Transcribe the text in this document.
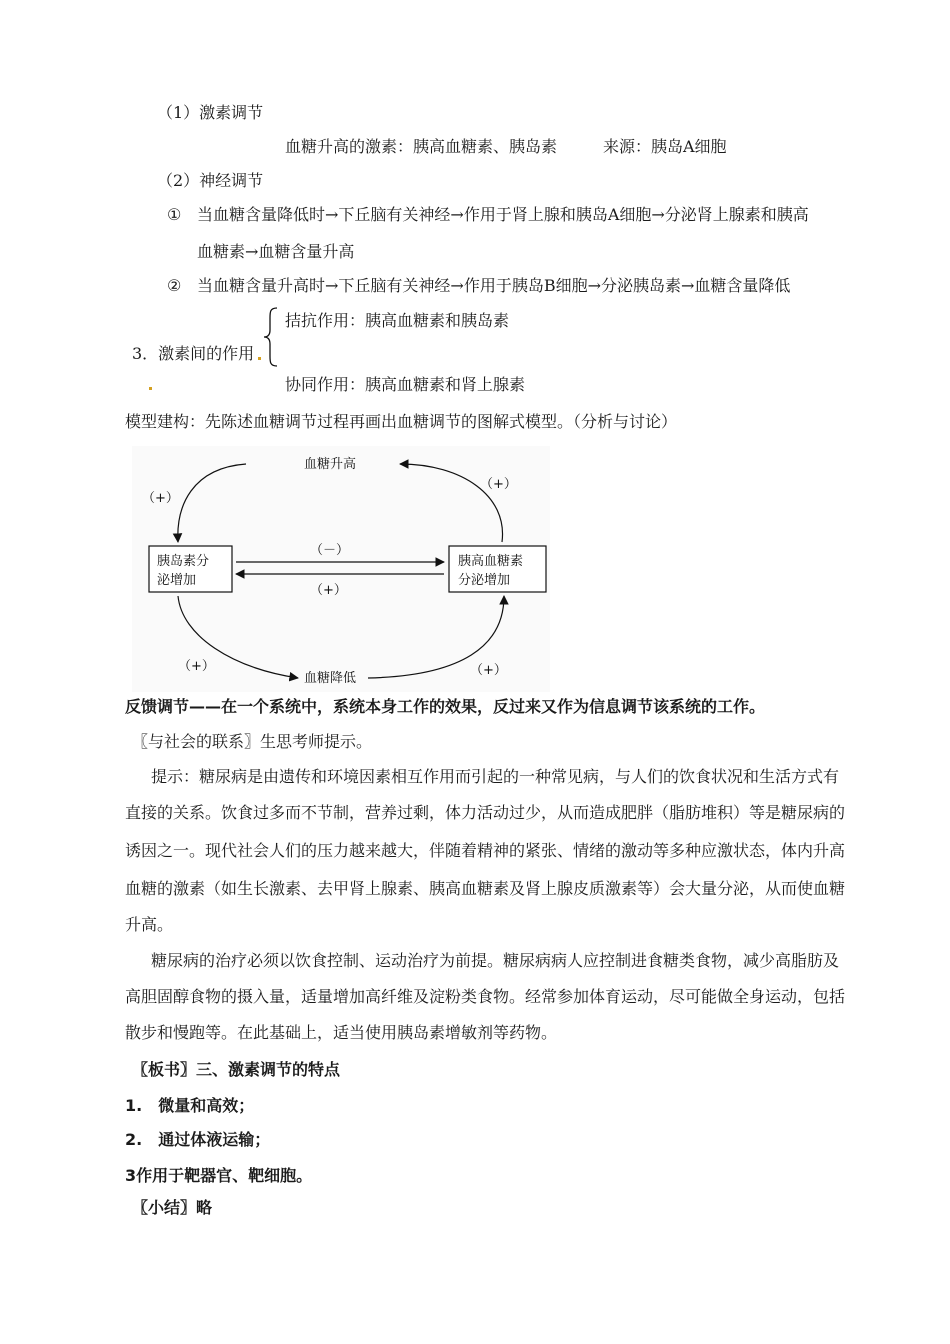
（1）激素调节
血糖升高的激素：胰高血糖素、胰岛素	来源：胰岛A细胞
（2）神经调节
① 当血糖含量降低时→下丘脑有关神经→作用于肾上腺和胰岛A细胞→分泌肾上腺素和胰高
血糖素→血糖含量升高
② 当血糖含量升高时→下丘脑有关神经→作用于胰岛B细胞→分泌胰岛素→血糖含量降低
拮抗作用：胰高血糖素和胰岛素
3．激素间的作用
协同作用：胰高血糖素和肾上腺素
模型建构：先陈述血糖调节过程再画出血糖调节的图解式模型。（分析与讨论）
血糖升高
血糖降低
胰岛素分
泌增加
胰高血糖素
分泌增加
（－）
（+）
（+）
（+）
（+）	（+）
反馈调节——在一个系统中，系统本身工作的效果，反过来又作为信息调节该系统的工作。
〖与社会的联系〗生思考师提示。
提示：糖尿病是由遗传和环境因素相互作用而引起的一种常见病，与人们的饮食状况和生活方式有
直接的关系。饮食过多而不节制，营养过剩，体力活动过少，从而造成肥胖（脂肪堆积）等是糖尿病的
诱因之一。现代社会人们的压力越来越大，伴随着精神的紧张、情绪的激动等多种应激状态，体内升高
血糖的激素（如生长激素、去甲肾上腺素、胰高血糖素及肾上腺皮质激素等）会大量分泌，从而使血糖
升高。
糖尿病的治疗必须以饮食控制、运动治疗为前提。糖尿病病人应控制进食糖类食物，减少高脂肪及
高胆固醇食物的摄入量，适量增加高纤维及淀粉类食物。经常参加体育运动，尽可能做全身运动，包括
散步和慢跑等。在此基础上，适当使用胰岛素增敏剂等药物。
〖板书〗三、激素调节的特点
1.　微量和高效；
2.　通过体液运输；
3作用于靶器官、靶细胞。
〖小结〗略
